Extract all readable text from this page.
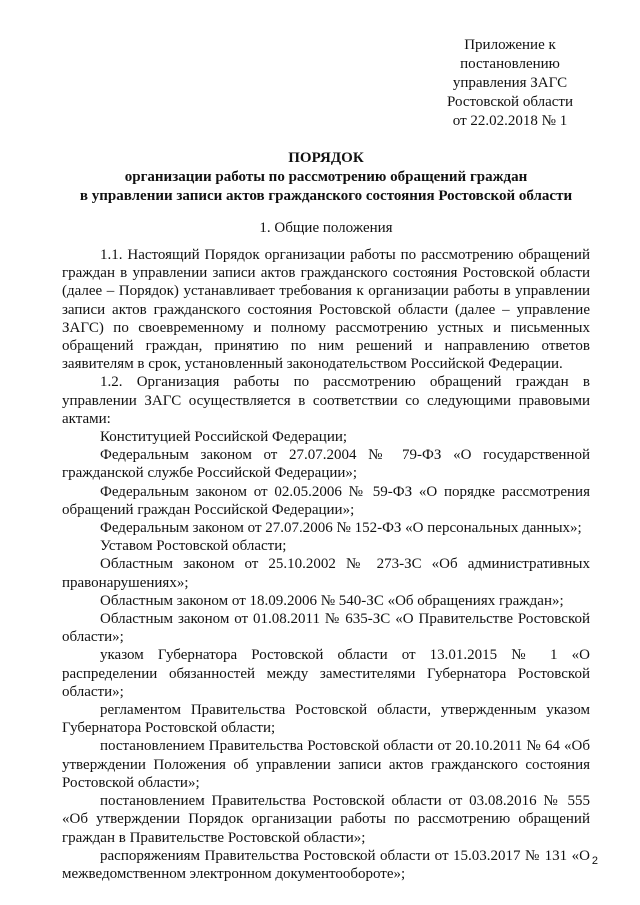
Приложение к
постановлению
управления ЗАГС
Ростовской области
от 22.02.2018 № 1
ПОРЯДОК
организации работы по рассмотрению обращений граждан
в управлении записи актов гражданского состояния Ростовской области
1. Общие положения

1.1. Настоящий Порядок организации работы по рассмотрению обращений граждан в управлении записи актов гражданского состояния Ростовской области (далее – Порядок) устанавливает требования к организации работы в управлении записи актов гражданского состояния Ростовской области (далее – управление ЗАГС) по своевременному и полному рассмотрению устных и письменных обращений граждан, принятию по ним решений и направлению ответов заявителям в срок, установленный законодательством Российской Федерации.

1.2. Организация работы по рассмотрению обращений граждан в управлении ЗАГС осуществляется в соответствии со следующими правовыми актами:

Конституцией Российской Федерации;

Федеральным законом от 27.07.2004 № 79-ФЗ «О государственной гражданской службе Российской Федерации»;

Федеральным законом от 02.05.2006 № 59-ФЗ «О порядке рассмотрения обращений граждан Российской Федерации»;

Федеральным законом от 27.07.2006 № 152-ФЗ «О персональных данных»;

Уставом Ростовской области;

Областным законом от 25.10.2002 № 273-ЗС «Об административных правонарушениях»;

Областным законом от 18.09.2006 № 540-ЗС «Об обращениях граждан»;

Областным законом от 01.08.2011 № 635-ЗС «О Правительстве Ростовской области»;

указом Губернатора Ростовской области от 13.01.2015 № 1 «О распределении обязанностей между заместителями Губернатора Ростовской области»;

регламентом Правительства Ростовской области, утвержденным указом Губернатора Ростовской области;

постановлением Правительства Ростовской области от 20.10.2011 № 64 «Об утверждении Положения об управлении записи актов гражданского состояния Ростовской области»;

постановлением Правительства Ростовской области от 03.08.2016 № 555 «Об утверждении Порядок организации работы по рассмотрению обращений граждан в Правительстве Ростовской области»;

распоряжениям Правительства Ростовской области от 15.03.2017 № 131 «О межведомственном электронном документообороте»;

2
